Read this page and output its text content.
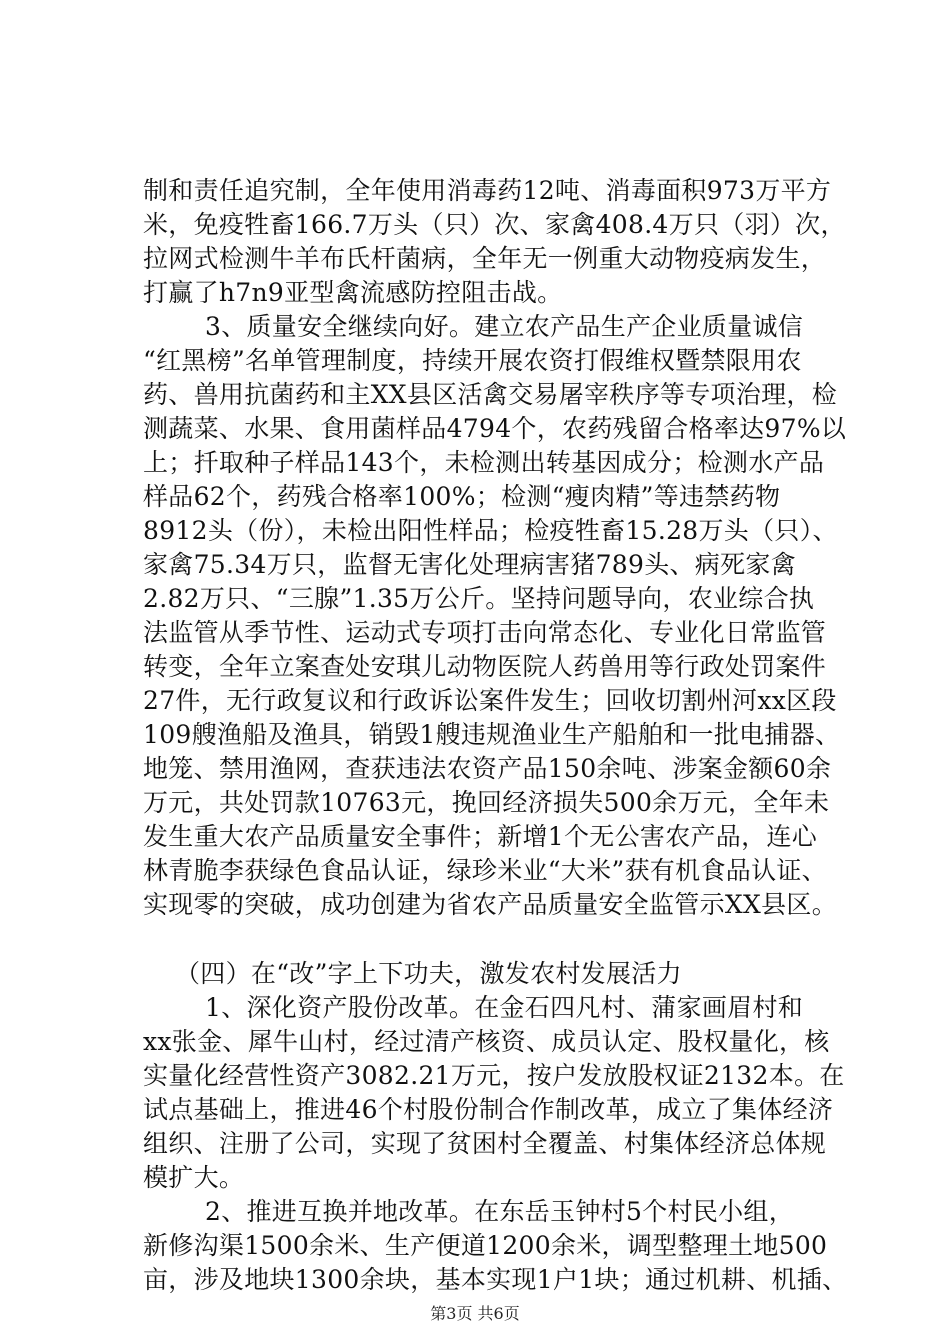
制和责任追究制，全年使用消毒药12吨、消毒面积973万平方
米，免疫牲畜166.7万头（只）次、家禽408.4万只（羽）次，
拉网式检测牛羊布氏杆菌病，全年无一例重大动物疫病发生，
打赢了h7n9亚型禽流感防控阻击战。
3、质量安全继续向好。建立农产品生产企业质量诚信
“红黑榜”名单管理制度，持续开展农资打假维权暨禁限用农
药、兽用抗菌药和主XX县区活禽交易屠宰秩序等专项治理，检
测蔬菜、水果、食用菌样品4794个，农药残留合格率达97%以
上；扦取种子样品143个，未检测出转基因成分；检测水产品
样品62个，药残合格率100%；检测“瘦肉精”等违禁药物
8912头（份），未检出阳性样品；检疫牲畜15.28万头（只）、
家禽75.34万只，监督无害化处理病害猪789头、病死家禽
2.82万只、“三腺”1.35万公斤。坚持问题导向，农业综合执
法监管从季节性、运动式专项打击向常态化、专业化日常监管
转变，全年立案查处安琪儿动物医院人药兽用等行政处罚案件
27件，无行政复议和行政诉讼案件发生；回收切割州河xx区段
109艘渔船及渔具，销毁1艘违规渔业生产船舶和一批电捕器、
地笼、禁用渔网，查获违法农资产品150余吨、涉案金额60余
万元，共处罚款10763元，挽回经济损失500余万元，全年未
发生重大农产品质量安全事件；新增1个无公害农产品，连心
林青脆李获绿色食品认证，绿珍米业“大米”获有机食品认证、
实现零的突破，成功创建为省农产品质量安全监管示XX县区。
（四）在“改”字上下功夫，激发农村发展活力
1、深化资产股份改革。在金石四凡村、蒲家画眉村和
xx张金、犀牛山村，经过清产核资、成员认定、股权量化，核
实量化经营性资产3082.21万元，按户发放股权证2132本。在
试点基础上，推进46个村股份制合作制改革，成立了集体经济
组织、注册了公司，实现了贫困村全覆盖、村集体经济总体规
模扩大。
2、推进互换并地改革。在东岳玉钟村5个村民小组，
新修沟渠1500余米、生产便道1200余米，调型整理土地500
亩，涉及地块1300余块，基本实现1户1块；通过机耕、机插、
第3页 共6页
